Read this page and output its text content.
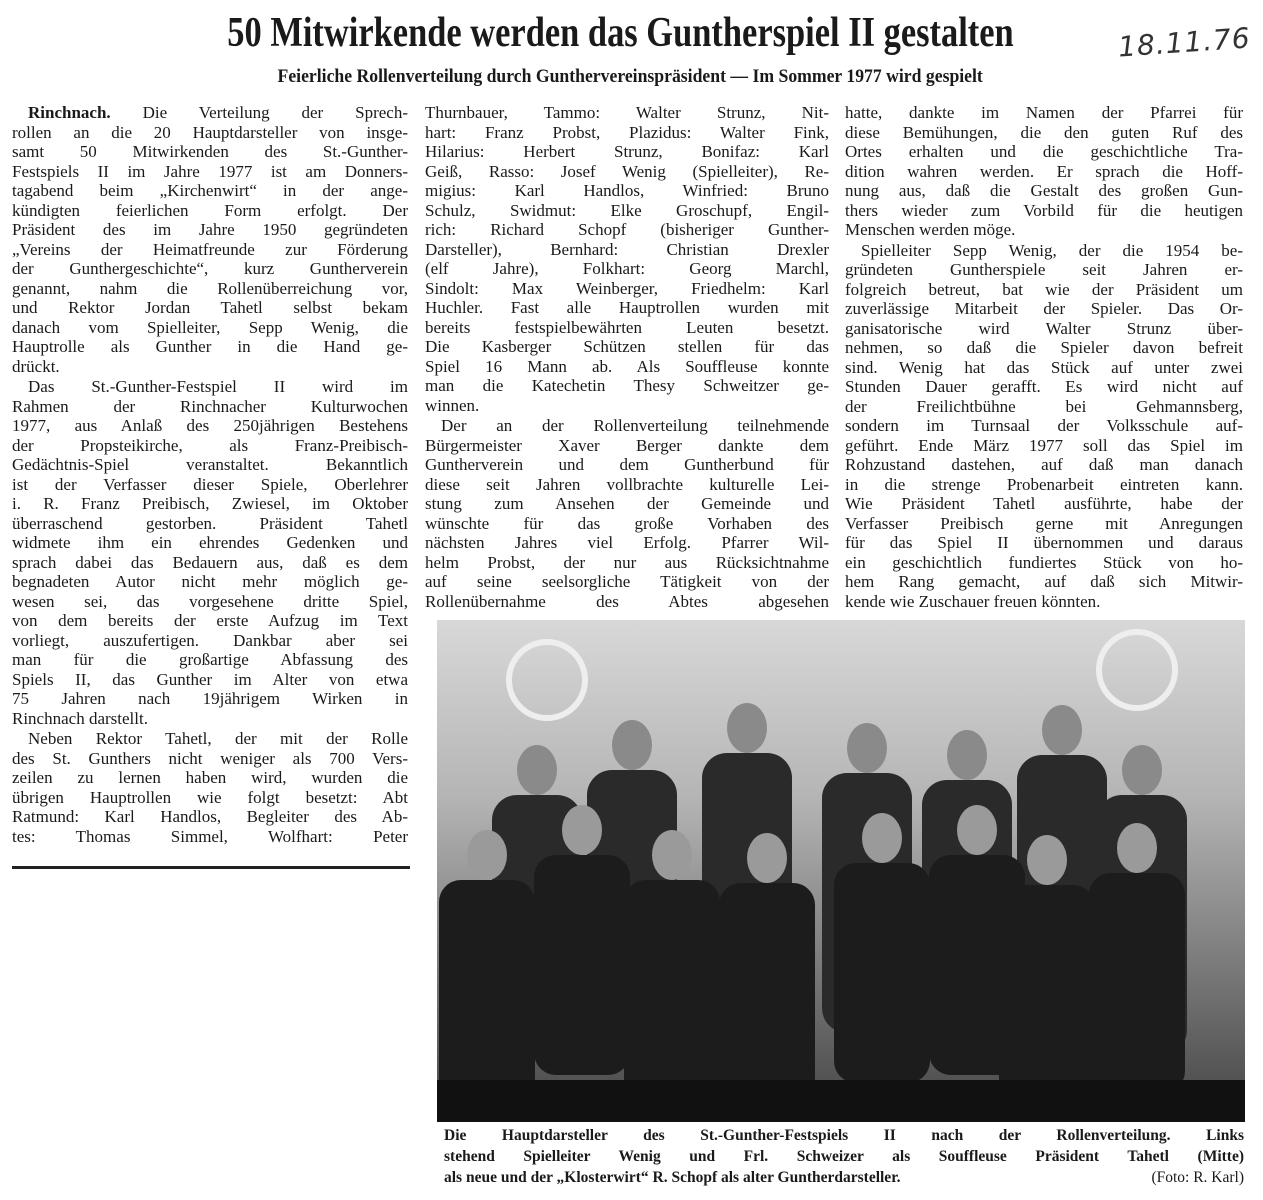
50 Mitwirkende werden das Guntherspiel II gestalten	18.11.76
Feierliche Rollenverteilung durch Gunthervereinspräsident — Im Sommer 1977 wird gespielt
Rinchnach. Die Verteilung der Sprech-
rollen an die 20 Hauptdarsteller von insge-
samt 50 Mitwirkenden des St.-Gunther-
Festspiels II im Jahre 1977 ist am Donners-
tagabend beim „Kirchenwirt“ in der ange-
kündigten feierlichen Form erfolgt. Der
Präsident des im Jahre 1950 gegründeten
„Vereins der Heimatfreunde zur Förderung
der Gunthergeschichte“, kurz Guntherverein
genannt, nahm die Rollenüberreichung vor,
und Rektor Jordan Tahetl selbst bekam
danach vom Spielleiter, Sepp Wenig, die
Hauptrolle als Gunther in die Hand ge-
drückt.
Das St.-Gunther-Festspiel II wird im
Rahmen der Rinchnacher Kulturwochen
1977, aus Anlaß des 250jährigen Bestehens
der Propsteikirche, als Franz-Preibisch-
Gedächtnis-Spiel veranstaltet. Bekanntlich
ist der Verfasser dieser Spiele, Oberlehrer
i. R. Franz Preibisch, Zwiesel, im Oktober
überraschend gestorben. Präsident Tahetl
widmete ihm ein ehrendes Gedenken und
sprach dabei das Bedauern aus, daß es dem
begnadeten Autor nicht mehr möglich ge-
wesen sei, das vorgesehene dritte Spiel,
von dem bereits der erste Aufzug im Text
vorliegt, auszufertigen. Dankbar aber sei
man für die großartige Abfassung des
Spiels II, das Gunther im Alter von etwa
75 Jahren nach 19jährigem Wirken in
Rinchnach darstellt.
Neben Rektor Tahetl, der mit der Rolle
des St. Gunthers nicht weniger als 700 Vers-
zeilen zu lernen haben wird, wurden die
übrigen Hauptrollen wie folgt besetzt: Abt
Ratmund: Karl Handlos, Begleiter des Ab-
tes: Thomas Simmel, Wolfhart: Peter
Thurnbauer, Tammo: Walter Strunz, Nit-
hart: Franz Probst, Plazidus: Walter Fink,
Hilarius: Herbert Strunz, Bonifaz: Karl
Geiß, Rasso: Josef Wenig (Spielleiter), Re-
migius: Karl Handlos, Winfried: Bruno
Schulz, Swidmut: Elke Groschupf, Engil-
rich: Richard Schopf (bisheriger Gunther-
Darsteller), Bernhard: Christian Drexler
(elf Jahre), Folkhart: Georg Marchl,
Sindolt: Max Weinberger, Friedhelm: Karl
Huchler. Fast alle Hauptrollen wurden mit
bereits festspielbewährten Leuten besetzt.
Die Kasberger Schützen stellen für das
Spiel 16 Mann ab. Als Souffleuse konnte
man die Katechetin Thesy Schweitzer ge-
winnen.
Der an der Rollenverteilung teilnehmende
Bürgermeister Xaver Berger dankte dem
Guntherverein und dem Guntherbund für
diese seit Jahren vollbrachte kulturelle Lei-
stung zum Ansehen der Gemeinde und
wünschte für das große Vorhaben des
nächsten Jahres viel Erfolg. Pfarrer Wil-
helm Probst, der nur aus Rücksichtnahme
auf seine seelsorgliche Tätigkeit von der
Rollenübernahme des Abtes abgesehen
hatte, dankte im Namen der Pfarrei für
diese Bemühungen, die den guten Ruf des
Ortes erhalten und die geschichtliche Tra-
dition wahren werden. Er sprach die Hoff-
nung aus, daß die Gestalt des großen Gun-
thers wieder zum Vorbild für die heutigen
Menschen werden möge.
Spielleiter Sepp Wenig, der die 1954 be-
gründeten Guntherspiele seit Jahren er-
folgreich betreut, bat wie der Präsident um
zuverlässige Mitarbeit der Spieler. Das Or-
ganisatorische wird Walter Strunz über-
nehmen, so daß die Spieler davon befreit
sind. Wenig hat das Stück auf unter zwei
Stunden Dauer gerafft. Es wird nicht auf
der Freilichtbühne bei Gehmannsberg,
sondern im Turnsaal der Volksschule auf-
geführt. Ende März 1977 soll das Spiel im
Rohzustand dastehen, auf daß man danach
in die strenge Probenarbeit eintreten kann.
Wie Präsident Tahetl ausführte, habe der
Verfasser Preibisch gerne mit Anregungen
für das Spiel II übernommen und daraus
ein geschichtlich fundiertes Stück von ho-
hem Rang gemacht, auf daß sich Mitwir-
kende wie Zuschauer freuen könnten.
Die Hauptdarsteller des St.-Gunther-Festspiels II nach der Rollenverteilung. Links
stehend Spielleiter Wenig und Frl. Schweizer als Souffleuse Präsident Tahetl (Mitte)
als neue und der „Klosterwirt“ R. Schopf als alter Guntherdarsteller.	(Foto: R. Karl)
